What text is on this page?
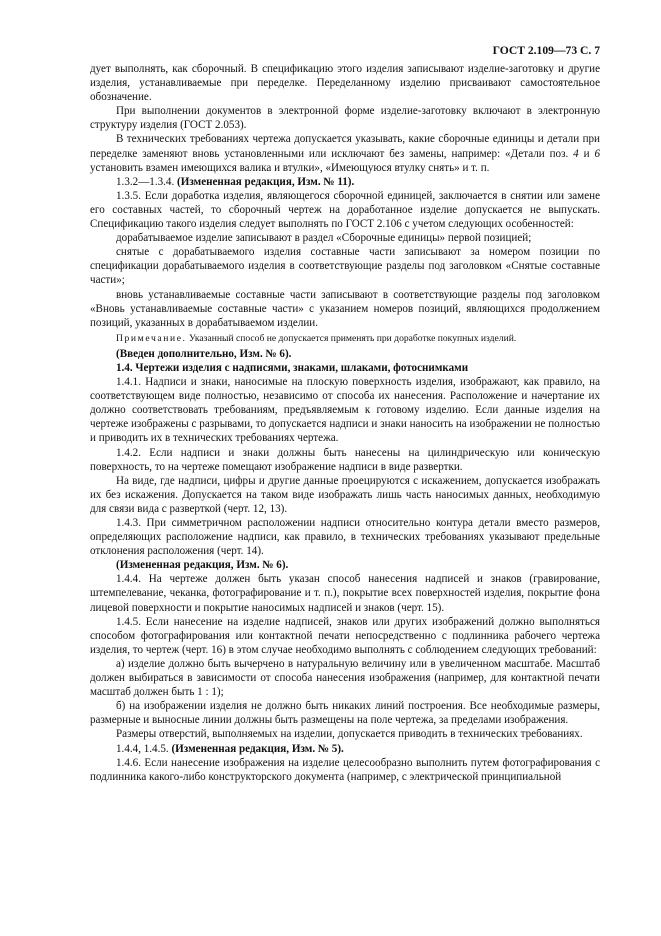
ГОСТ 2.109—73 С. 7

дует выполнять, как сборочный. В спецификацию этого изделия записывают изделие-заготовку и другие изделия, устанавливаемые при переделке. Переделанному изделию присваивают самостоятельное обозначение.

При выполнении документов в электронной форме изделие-заготовку включают в электронную структуру изделия (ГОСТ 2.053).

В технических требованиях чертежа допускается указывать, какие сборочные единицы и детали при переделке заменяют вновь установленными или исключают без замены, например: «Детали поз. 4 и 6 установить взамен имеющихся валика и втулки», «Имеющуюся втулку снять» и т. п.

1.3.2—1.3.4. (Измененная редакция, Изм. № 11).

1.3.5. Если доработка изделия, являющегося сборочной единицей, заключается в снятии или замене его составных частей, то сборочный чертеж на доработанное изделие допускается не выпускать. Спецификацию такого изделия следует выполнять по ГОСТ 2.106 с учетом следующих особенностей:

дорабатываемое изделие записывают в раздел «Сборочные единицы» первой позицией;

снятые с дорабатываемого изделия составные части записывают за номером позиции по спецификации дорабатываемого изделия в соответствующие разделы под заголовком «Снятые составные части»;

вновь устанавливаемые составные части записывают в соответствующие разделы под заголовком «Вновь устанавливаемые составные части» с указанием номеров позиций, являющихся продолжением позиций, указанных в дорабатываемом изделии.

Примечание. Указанный способ не допускается применять при доработке покупных изделий.

(Введен дополнительно, Изм. № 6).

1.4. Чертежи изделия с надписями, знаками, шлаками, фотоснимками

1.4.1. Надписи и знаки, наносимые на плоскую поверхность изделия, изображают, как правило, на соответствующем виде полностью, независимо от способа их нанесения. Расположение и начертание их должно соответствовать требованиям, предъявляемым к готовому изделию. Если данные изделия на чертеже изображены с разрывами, то допускается надписи и знаки наносить на изображении не полностью и приводить их в технических требованиях чертежа.

1.4.2. Если надписи и знаки должны быть нанесены на цилиндрическую или коническую поверхность, то на чертеже помещают изображение надписи в виде развертки.

На виде, где надписи, цифры и другие данные проецируются с искажением, допускается изображать их без искажения. Допускается на таком виде изображать лишь часть наносимых данных, необходимую для связи вида с разверткой (черт. 12, 13).

1.4.3. При симметричном расположении надписи относительно контура детали вместо размеров, определяющих расположение надписи, как правило, в технических требованиях указывают предельные отклонения расположения (черт. 14).

(Измененная редакция, Изм. № 6).

1.4.4. На чертеже должен быть указан способ нанесения надписей и знаков (гравирование, штемпелевание, чеканка, фотографирование и т. п.), покрытие всех поверхностей изделия, покрытие фона лицевой поверхности и покрытие наносимых надписей и знаков (черт. 15).

1.4.5. Если нанесение на изделие надписей, знаков или других изображений должно выполняться способом фотографирования или контактной печати непосредственно с подлинника рабочего чертежа изделия, то чертеж (черт. 16) в этом случае необходимо выполнять с соблюдением следующих требований:

а) изделие должно быть вычерчено в натуральную величину или в увеличенном масштабе. Масштаб должен выбираться в зависимости от способа нанесения изображения (например, для контактной печати масштаб должен быть 1 : 1);

б) на изображении изделия не должно быть никаких линий построения. Все необходимые размеры, размерные и выносные линии должны быть размещены на поле чертежа, за пределами изображения.

Размеры отверстий, выполняемых на изделии, допускается приводить в технических требованиях.

1.4.4, 1.4.5. (Измененная редакция, Изм. № 5).

1.4.6. Если нанесение изображения на изделие целесообразно выполнить путем фотографирования с подлинника какого-либо конструкторского документа (например, с электрической принципиальной
